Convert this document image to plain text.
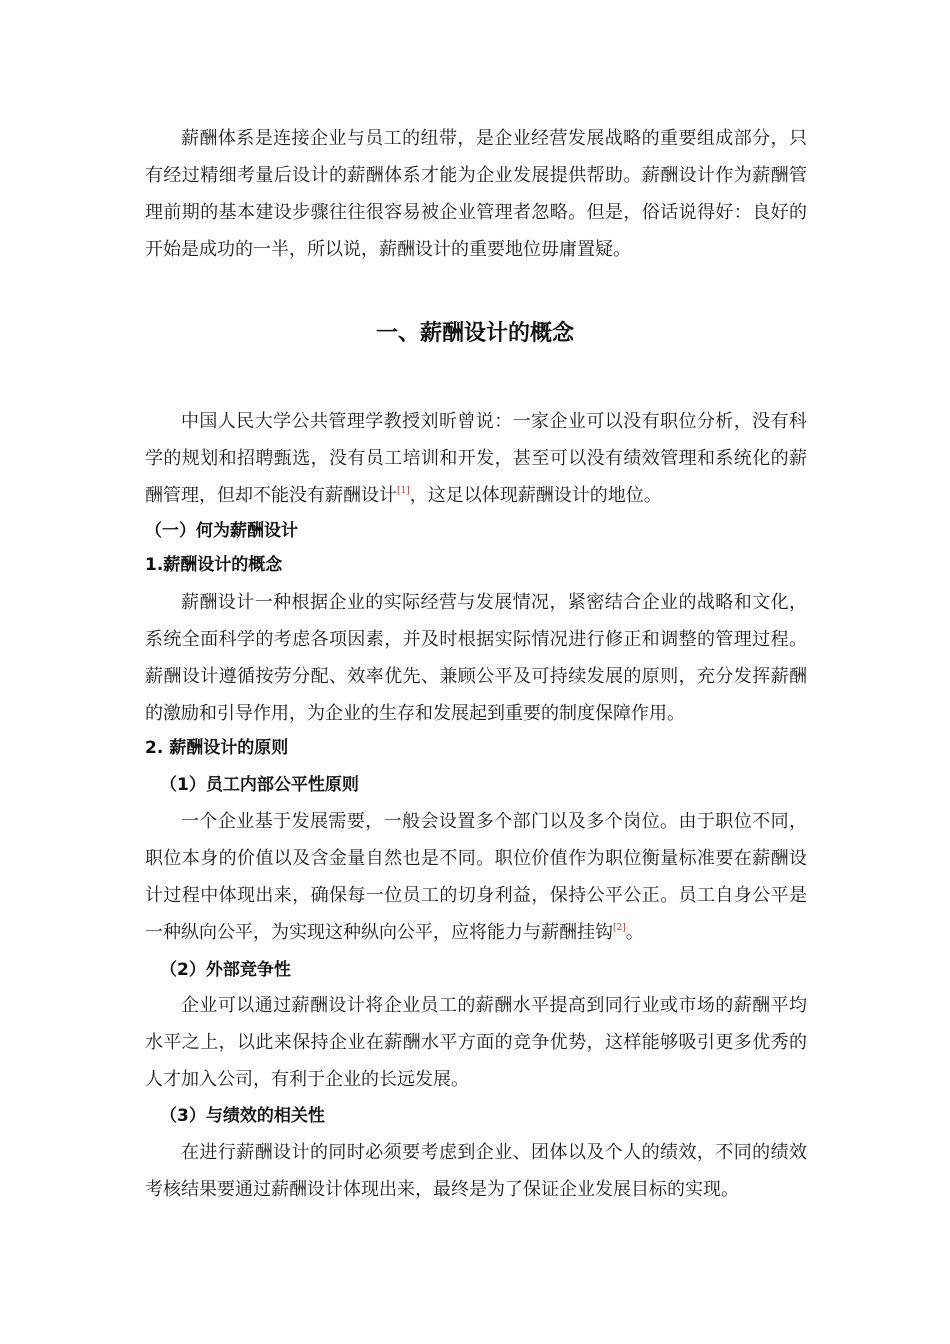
薪酬体系是连接企业与员工的纽带，是企业经营发展战略的重要组成部分，只有经过精细考量后设计的薪酬体系才能为企业发展提供帮助。薪酬设计作为薪酬管理前期的基本建设步骤往往很容易被企业管理者忽略。但是，俗话说得好：良好的开始是成功的一半，所以说，薪酬设计的重要地位毋庸置疑。

一、薪酬设计的概念

中国人民大学公共管理学教授刘昕曾说：一家企业可以没有职位分析，没有科学的规划和招聘甄选，没有员工培训和开发，甚至可以没有绩效管理和系统化的薪酬管理，但却不能没有薪酬设计[1]，这足以体现薪酬设计的地位。

（一）何为薪酬设计
1.薪酬设计的概念

薪酬设计一种根据企业的实际经营与发展情况，紧密结合企业的战略和文化，系统全面科学的考虑各项因素，并及时根据实际情况进行修正和调整的管理过程。薪酬设计遵循按劳分配、效率优先、兼顾公平及可持续发展的原则，充分发挥薪酬的激励和引导作用，为企业的生存和发展起到重要的制度保障作用。

2. 薪酬设计的原则
（1）员工内部公平性原则

一个企业基于发展需要，一般会设置多个部门以及多个岗位。由于职位不同，职位本身的价值以及含金量自然也是不同。职位价值作为职位衡量标准要在薪酬设计过程中体现出来，确保每一位员工的切身利益，保持公平公正。员工自身公平是一种纵向公平，为实现这种纵向公平，应将能力与薪酬挂钩[2]。

（2）外部竞争性

企业可以通过薪酬设计将企业员工的薪酬水平提高到同行业或市场的薪酬平均水平之上，以此来保持企业在薪酬水平方面的竞争优势，这样能够吸引更多优秀的人才加入公司，有利于企业的长远发展。

（3）与绩效的相关性

在进行薪酬设计的同时必须要考虑到企业、团体以及个人的绩效，不同的绩效考核结果要通过薪酬设计体现出来，最终是为了保证企业发展目标的实现。
